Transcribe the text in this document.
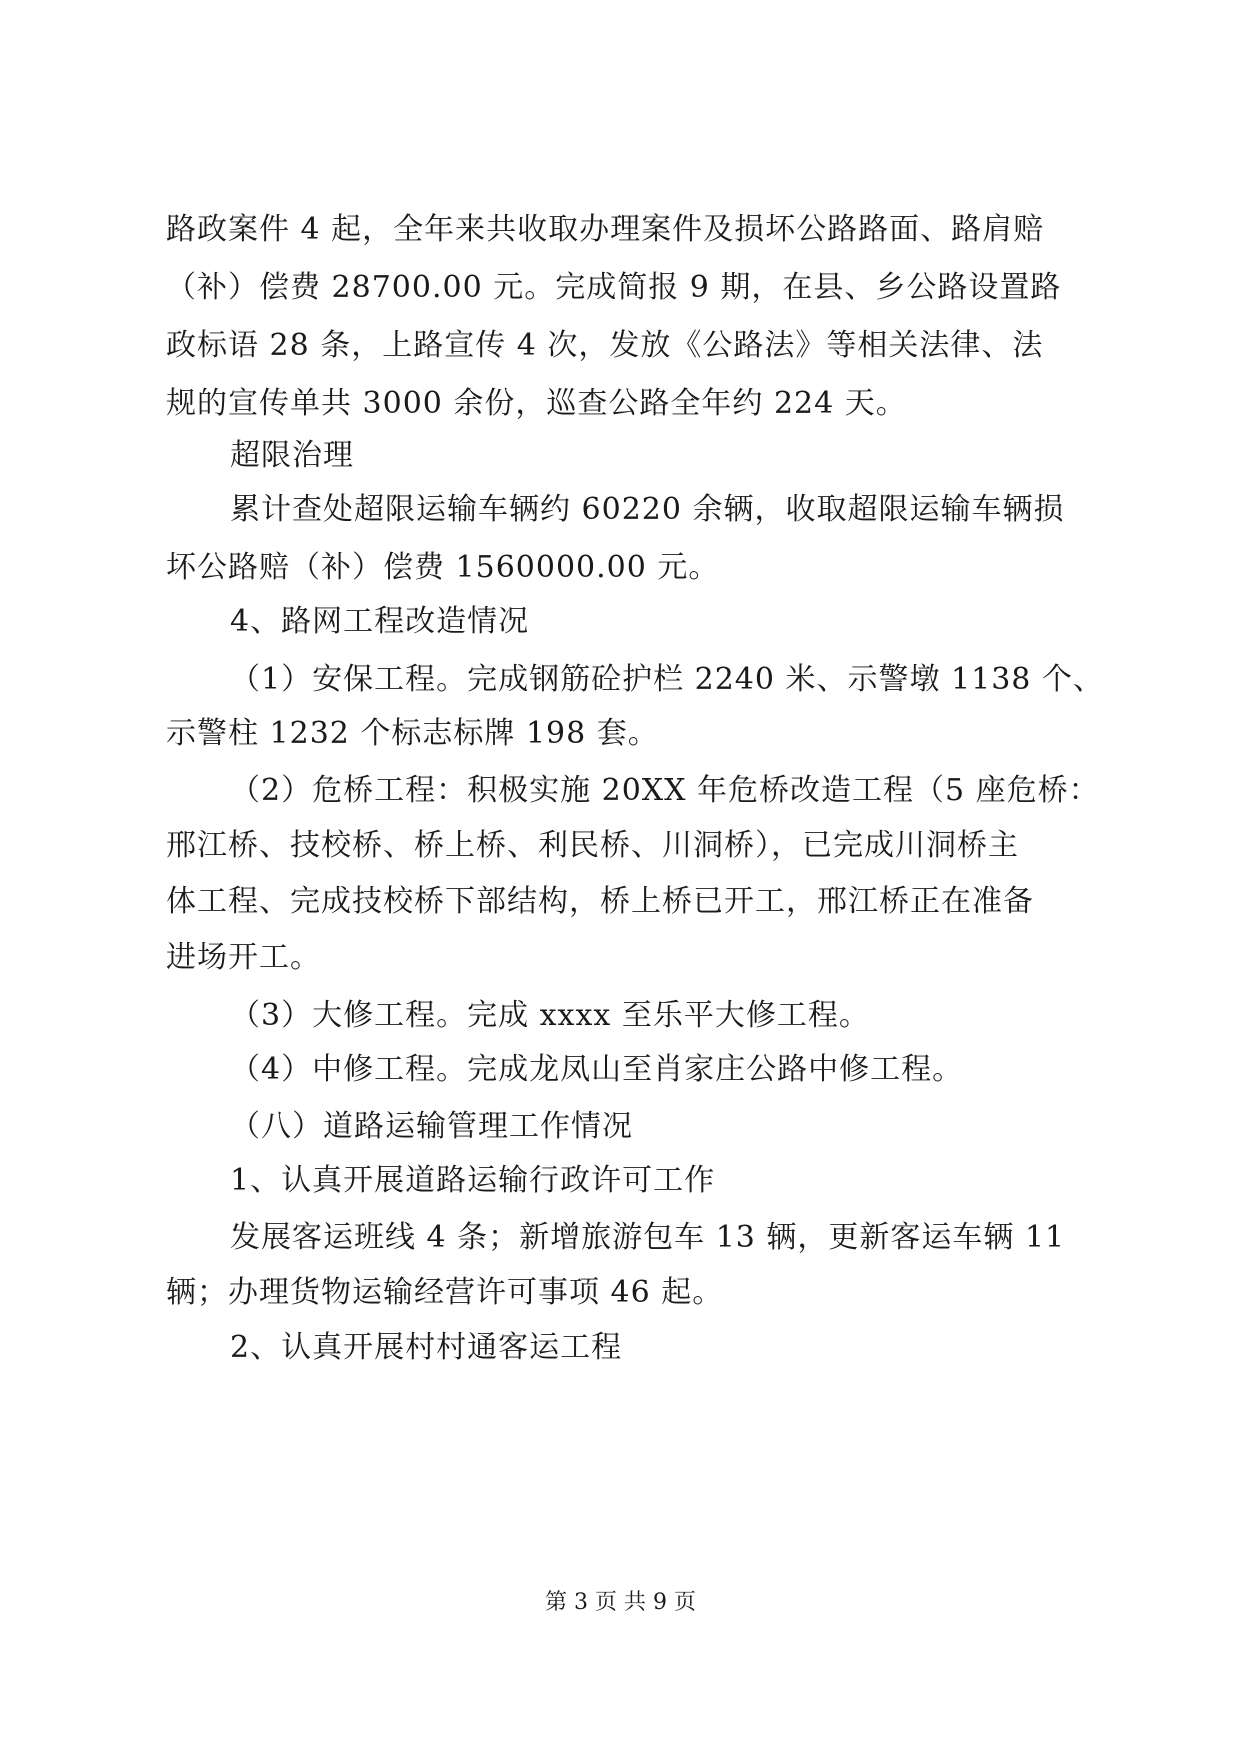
路政案件 4 起，全年来共收取办理案件及损坏公路路面、路肩赔
（补）偿费 28700.00 元。完成简报 9 期，在县、乡公路设置路
政标语 28 条，上路宣传 4 次，发放《公路法》等相关法律、法
规的宣传单共 3000 余份，巡查公路全年约 224 天。
超限治理
累计查处超限运输车辆约 60220 余辆，收取超限运输车辆损
坏公路赔（补）偿费 1560000.00 元。
4、路网工程改造情况
（1）安保工程。完成钢筋砼护栏 2240 米、示警墩 1138 个、
示警柱 1232 个标志标牌 198 套。
（2）危桥工程：积极实施 20XX 年危桥改造工程（5 座危桥：
邢江桥、技校桥、桥上桥、利民桥、川洞桥），已完成川洞桥主
体工程、完成技校桥下部结构，桥上桥已开工，邢江桥正在准备
进场开工。
（3）大修工程。完成 xxxx 至乐平大修工程。
（4）中修工程。完成龙凤山至肖家庄公路中修工程。
（八）道路运输管理工作情况
1、认真开展道路运输行政许可工作
发展客运班线 4 条；新增旅游包车 13 辆，更新客运车辆 11
辆；办理货物运输经营许可事项 46 起。
2、认真开展村村通客运工程
第 3 页 共 9 页
